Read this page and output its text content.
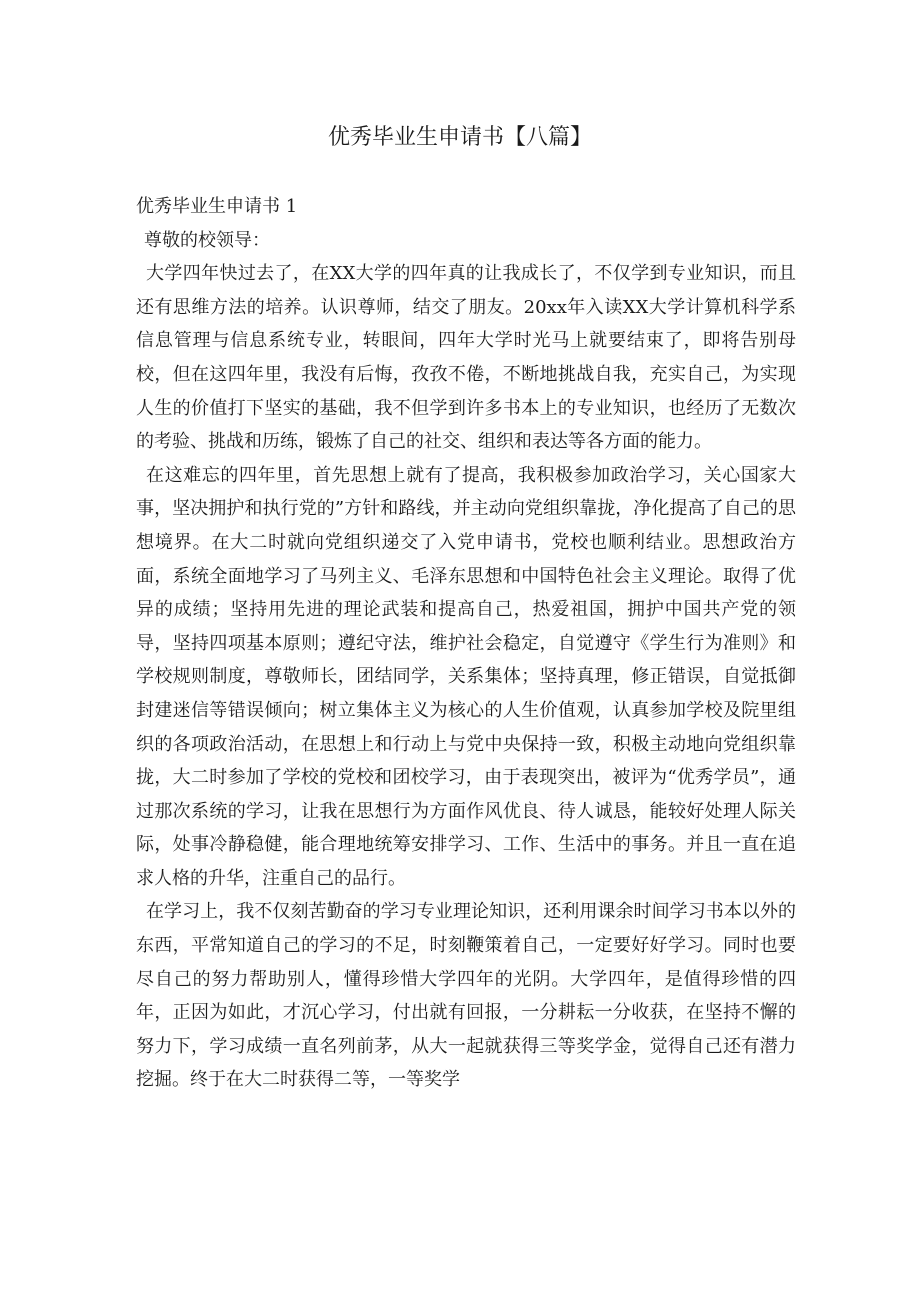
优秀毕业生申请书【八篇】

优秀毕业生申请书 1

尊敬的校领导：

大学四年快过去了，在XX大学的四年真的让我成长了，不仅学到专业知识，而且还有思维方法的培养。认识尊师，结交了朋友。20xx年入读XX大学计算机科学系信息管理与信息系统专业，转眼间，四年大学时光马上就要结束了，即将告别母校，但在这四年里，我没有后悔，孜孜不倦，不断地挑战自我，充实自己，为实现人生的价值打下坚实的基础，我不但学到许多书本上的专业知识，也经历了无数次的考验、挑战和历练，锻炼了自己的社交、组织和表达等各方面的能力。

在这难忘的四年里，首先思想上就有了提高，我积极参加政治学习，关心国家大事，坚决拥护和执行党的”方针和路线，并主动向党组织靠拢，净化提高了自己的思想境界。在大二时就向党组织递交了入党申请书，党校也顺利结业。思想政治方面，系统全面地学习了马列主义、毛泽东思想和中国特色社会主义理论。取得了优异的成绩；坚持用先进的理论武装和提高自己，热爱祖国，拥护中国共产党的领导，坚持四项基本原则；遵纪守法，维护社会稳定，自觉遵守《学生行为准则》和学校规则制度，尊敬师长，团结同学，关系集体；坚持真理，修正错误，自觉抵御封建迷信等错误倾向；树立集体主义为核心的人生价值观，认真参加学校及院里组织的各项政治活动，在思想上和行动上与党中央保持一致，积极主动地向党组织靠拢，大二时参加了学校的党校和团校学习，由于表现突出，被评为“优秀学员”，通过那次系统的学习，让我在思想行为方面作风优良、待人诚恳，能较好处理人际关际，处事冷静稳健，能合理地统筹安排学习、工作、生活中的事务。并且一直在追求人格的升华，注重自己的品行。

在学习上，我不仅刻苦勤奋的学习专业理论知识，还利用课余时间学习书本以外的东西，平常知道自己的学习的不足，时刻鞭策着自己，一定要好好学习。同时也要尽自己的努力帮助别人，懂得珍惜大学四年的光阴。大学四年，是值得珍惜的四年，正因为如此，才沉心学习，付出就有回报，一分耕耘一分收获，在坚持不懈的努力下，学习成绩一直名列前茅，从大一起就获得三等奖学金，觉得自己还有潜力挖掘。终于在大二时获得二等，一等奖学
